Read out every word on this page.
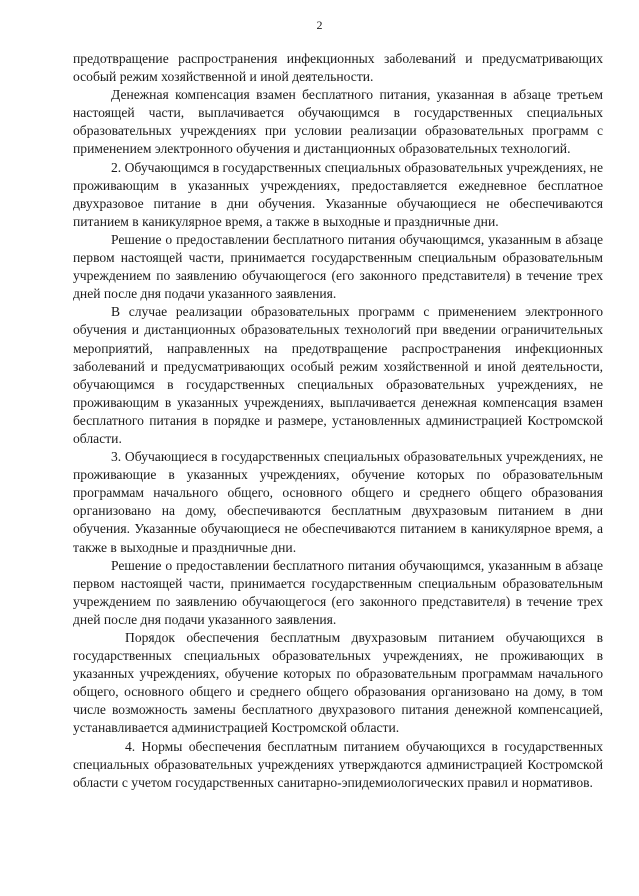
2

предотвращение распространения инфекционных заболеваний и предусматривающих особый режим хозяйственной и иной деятельности.

Денежная компенсация взамен бесплатного питания, указанная в абзаце третьем настоящей части, выплачивается обучающимся в государственных специальных образовательных учреждениях при условии реализации образовательных программ с применением электронного обучения и дистанционных образовательных технологий.

2. Обучающимся в государственных специальных образовательных учреждениях, не проживающим в указанных учреждениях, предоставляется ежедневное бесплатное двухразовое питание в дни обучения. Указанные обучающиеся не обеспечиваются питанием в каникулярное время, а также в выходные и праздничные дни.

Решение о предоставлении бесплатного питания обучающимся, указанным в абзаце первом настоящей части, принимается государственным специальным образовательным учреждением по заявлению обучающегося (его законного представителя) в течение трех дней после дня подачи указанного заявления.

В случае реализации образовательных программ с применением электронного обучения и дистанционных образовательных технологий при введении ограничительных мероприятий, направленных на предотвращение распространения инфекционных заболеваний и предусматривающих особый режим хозяйственной и иной деятельности, обучающимся в государственных специальных образовательных учреждениях, не проживающим в указанных учреждениях, выплачивается денежная компенсация взамен бесплатного питания в порядке и размере, установленных администрацией Костромской области.

3. Обучающиеся в государственных специальных образовательных учреждениях, не проживающие в указанных учреждениях, обучение которых по образовательным программам начального общего, основного общего и среднего общего образования организовано на дому, обеспечиваются бесплатным двухразовым питанием в дни обучения. Указанные обучающиеся не обеспечиваются питанием в каникулярное время, а также в выходные и праздничные дни.

Решение о предоставлении бесплатного питания обучающимся, указанным в абзаце первом настоящей части, принимается государственным специальным образовательным учреждением по заявлению обучающегося (его законного представителя) в течение трех дней после дня подачи указанного заявления.

Порядок обеспечения бесплатным двухразовым питанием обучающихся в государственных специальных образовательных учреждениях, не проживающих в указанных учреждениях, обучение которых по образовательным программам начального общего, основного общего и среднего общего образования организовано на дому, в том числе возможность замены бесплатного двухразового питания денежной компенсацией, устанавливается администрацией Костромской области.

4. Нормы обеспечения бесплатным питанием обучающихся в государственных специальных образовательных учреждениях утверждаются администрацией Костромской области с учетом государственных санитарно-эпидемиологических правил и нормативов.
